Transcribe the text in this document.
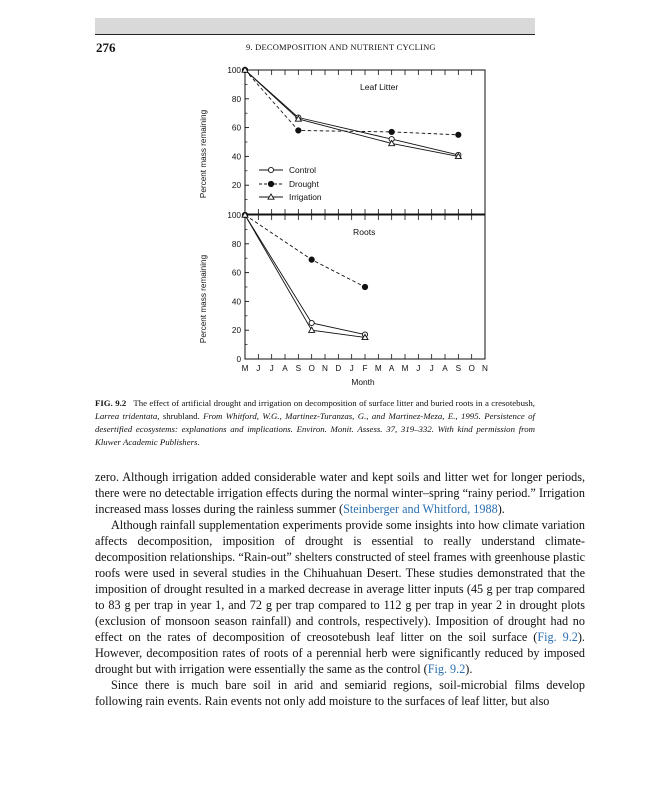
276	9. DECOMPOSITION AND NUTRIENT CYCLING
100
80
60
40
20
Leaf Litter
Percent mass remaining
100
80
60
40
20
0
Roots
Percent mass remaining
Control
Drought
Irrigation
M J J A S O N D J F M A M J J A S O N
Month
FIG. 9.2 The effect of artificial drought and irrigation on decomposition of surface litter and buried roots in a cresotebush, Larrea tridentata, shrubland. From Whitford, W.G., Martinez-Turanzas, G., and Martinez-Meza, E., 1995. Persistence of desertified ecosystems: explanations and implications. Environ. Monit. Assess. 37, 319–332. With kind permission from Kluwer Academic Publishers.

zero. Although irrigation added considerable water and kept soils and litter wet for longer periods, there were no detectable irrigation effects during the normal winter–spring “rainy period.” Irrigation increased mass losses during the rainless summer (Steinberger and Whitford, 1988).

Although rainfall supplementation experiments provide some insights into how climate variation affects decomposition, imposition of drought is essential to really understand climate-decomposition relationships. “Rain-out” shelters constructed of steel frames with greenhouse plastic roofs were used in several studies in the Chihuahuan Desert. These studies demonstrated that the imposition of drought resulted in a marked decrease in average litter inputs (45 g per trap compared to 83 g per trap in year 1, and 72 g per trap compared to 112 g per trap in year 2 in drought plots (exclusion of monsoon season rainfall) and controls, respectively). Imposition of drought had no effect on the rates of decomposition of creosotebush leaf litter on the soil surface (Fig. 9.2). However, decomposition rates of roots of a perennial herb were significantly reduced by imposed drought but with irrigation were essentially the same as the control (Fig. 9.2).

Since there is much bare soil in arid and semiarid regions, soil-microbial films develop following rain events. Rain events not only add moisture to the surfaces of leaf litter, but also
